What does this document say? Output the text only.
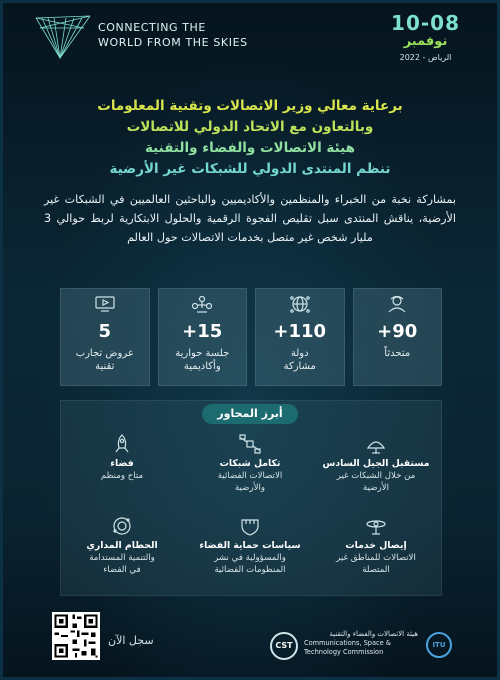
CONNECTING THE
WORLD FROM THE SKIES
10-08
نوفمبر
2022 - الرياض
برعاية معالي وزير الاتصالات وتقنية المعلومات
وبالتعاون مع الاتحاد الدولي للاتصالات
هيئة الاتصالات والفضاء والتقنية
تنظم المنتدى الدولي للشبكات غير الأرضية
بمشاركة نخبة من الخبراء والمنظمين والأكاديميين والباحثين العالميين في الشبكات غير الأرضية، يناقش المنتدى سبل تقليص الفجوة الرقمية والحلول الابتكارية لربط حوالي 3 مليار شخص غير متصل بخدمات الاتصالات حول العالم
+90
متحدثاً
+110
دولة
مشاركة
+15
جلسة حوارية
وأكاديمية
5
عروض تجارب
تقنية
أبرز المحاور
مستقبل الجيل السادس
من خلال الشبكات غير
الأرضية
تكامل شبكات
الاتصالات الفضائية
والأرضية
فضاء
متاح ومنظم
إيصال خدمات
الاتصالات للمناطق غير
المتصلة
سياسات حماية الفضاء
والمسؤولية في نشر
المنظومات الفضائية
الحطام المداري
والتنمية المستدامة
في الفضاء
سجل الآن	CST
هيئة الاتصالات والفضاء والتقنية
Communications, Space &
Technology Commission
ITU
